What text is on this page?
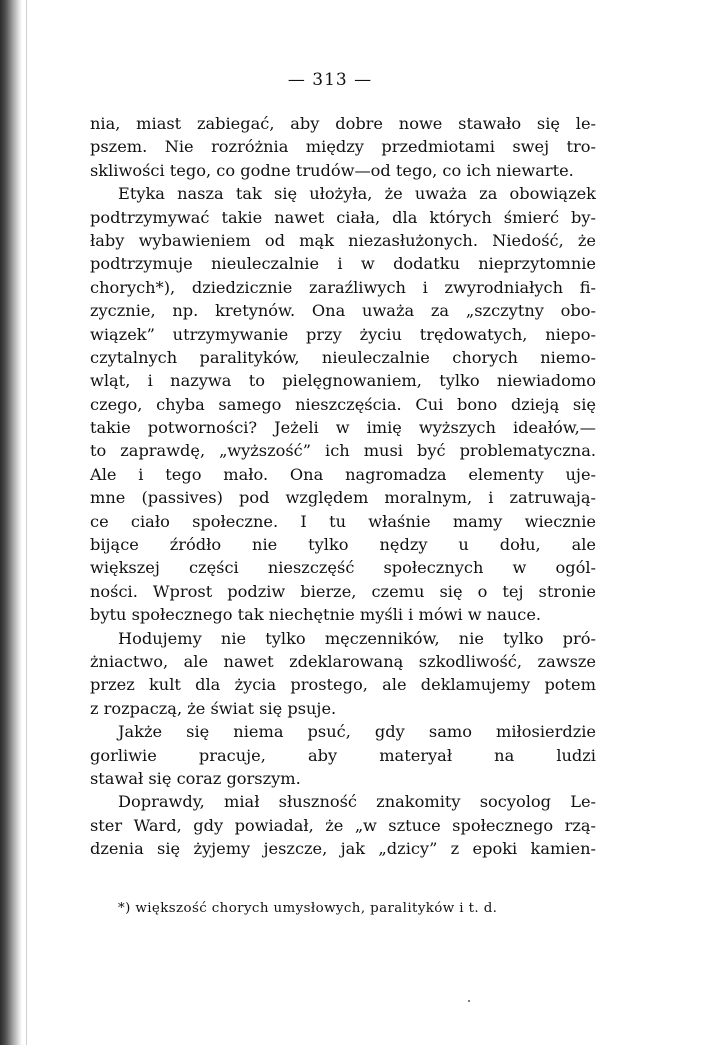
— 313 —
nia, miast zabiegać, aby dobre nowe stawało się le-
pszem. Nie rozróżnia między przedmiotami swej tro-
skliwości tego, co godne trudów—od tego, co ich niewarte.
Etyka nasza tak się ułożyła, że uważa za obowiązek
podtrzymywać takie nawet ciała, dla których śmierć by-
łaby wybawieniem od mąk niezasłużonych. Niedość, że
podtrzymuje nieuleczalnie i w dodatku nieprzytomnie
chorych*), dziedzicznie zaraźliwych i zwyrodniałych fi-
zycznie, np. kretynów. Ona uważa za „szczytny obo-
wiązek” utrzymywanie przy życiu trędowatych, niepo-
czytalnych paralityków, nieuleczalnie chorych niemo-
wląt, i nazywa to pielęgnowaniem, tylko niewiadomo
czego, chyba samego nieszczęścia. Cui bono dzieją się
takie potworności? Jeżeli w imię wyższych ideałów,—
to zaprawdę, „wyższość” ich musi być problematyczna.
Ale i tego mało. Ona nagromadza elementy uje-
mne (passives) pod względem moralnym, i zatruwają-
ce ciało społeczne. I tu właśnie mamy wiecznie
bijące źródło nie tylko nędzy u dołu, ale
większej części nieszczęść społecznych w ogól-
ności. Wprost podziw bierze, czemu się o tej stronie
bytu społecznego tak niechętnie myśli i mówi w nauce.
Hodujemy nie tylko męczenników, nie tylko pró-
żniactwo, ale nawet zdeklarowaną szkodliwość, zawsze
przez kult dla życia prostego, ale deklamujemy potem
z rozpaczą, że świat się psuje.
Jakże się niema psuć, gdy samo miłosierdzie
gorliwie pracuje, aby materyał na ludzi
stawał się coraz gorszym.
Doprawdy, miał słuszność znakomity socyolog Le-
ster Ward, gdy powiadał, że „w sztuce społecznego rzą-
dzenia się żyjemy jeszcze, jak „dzicy” z epoki kamien-
*) większość chorych umysłowych, paralityków i t. d.
